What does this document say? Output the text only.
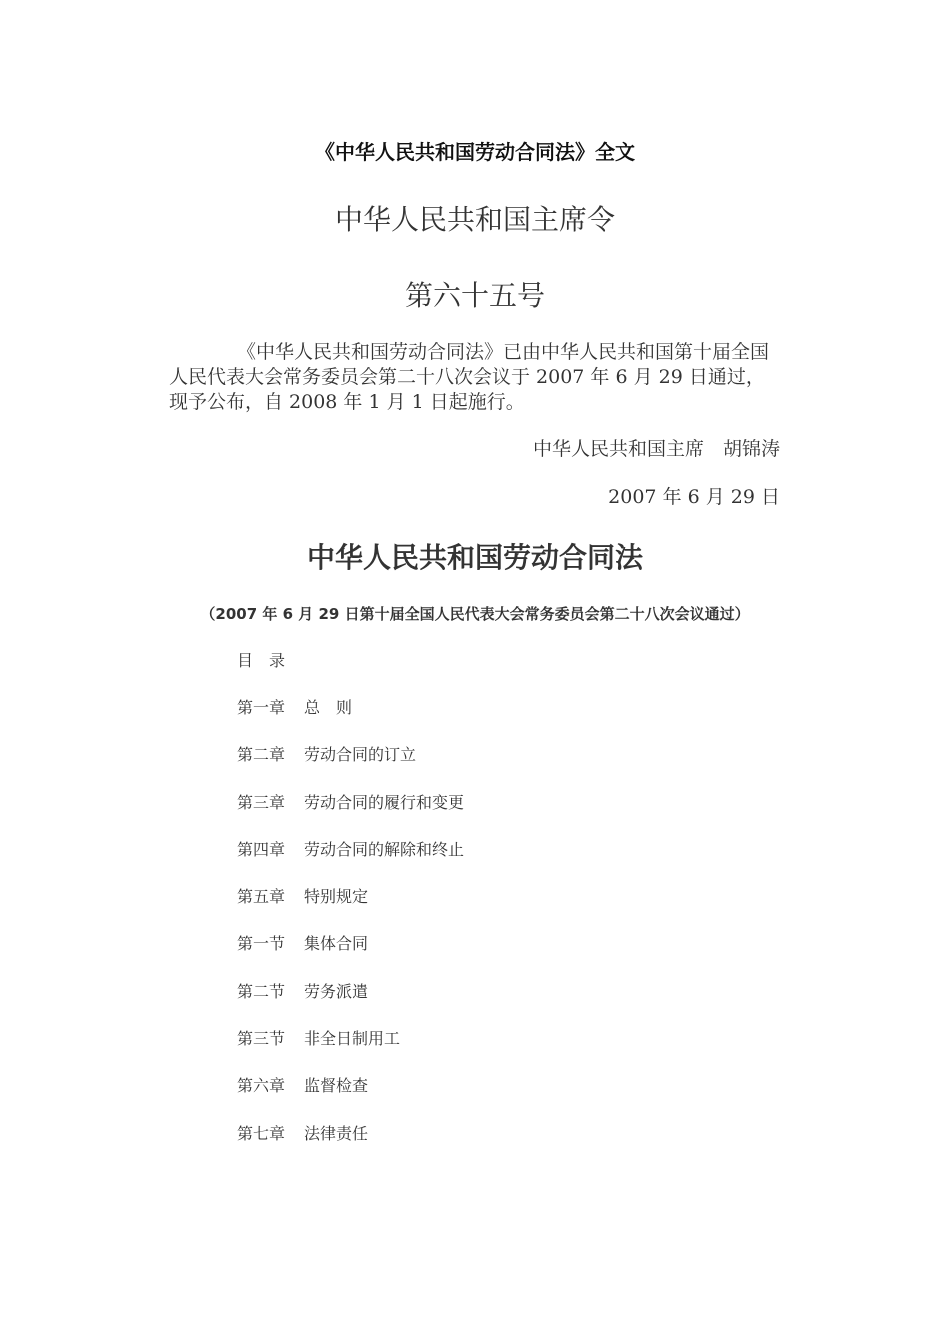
《中华人民共和国劳动合同法》全文
中华人民共和国主席令
第六十五号
《中华人民共和国劳动合同法》已由中华人民共和国第十届全国人民代表大会常务委员会第二十八次会议于 2007 年 6 月 29 日通过，现予公布，自 2008 年 1 月 1 日起施行。
中华人民共和国主席　胡锦涛
2007 年 6 月 29 日
中华人民共和国劳动合同法
（2007 年 6 月 29 日第十届全国人民代表大会常务委员会第二十八次会议通过）
目　录
第一章 总　则
第二章 劳动合同的订立
第三章 劳动合同的履行和变更
第四章 劳动合同的解除和终止
第五章 特别规定
第一节 集体合同
第二节 劳务派遣
第三节 非全日制用工
第六章 监督检查
第七章 法律责任
